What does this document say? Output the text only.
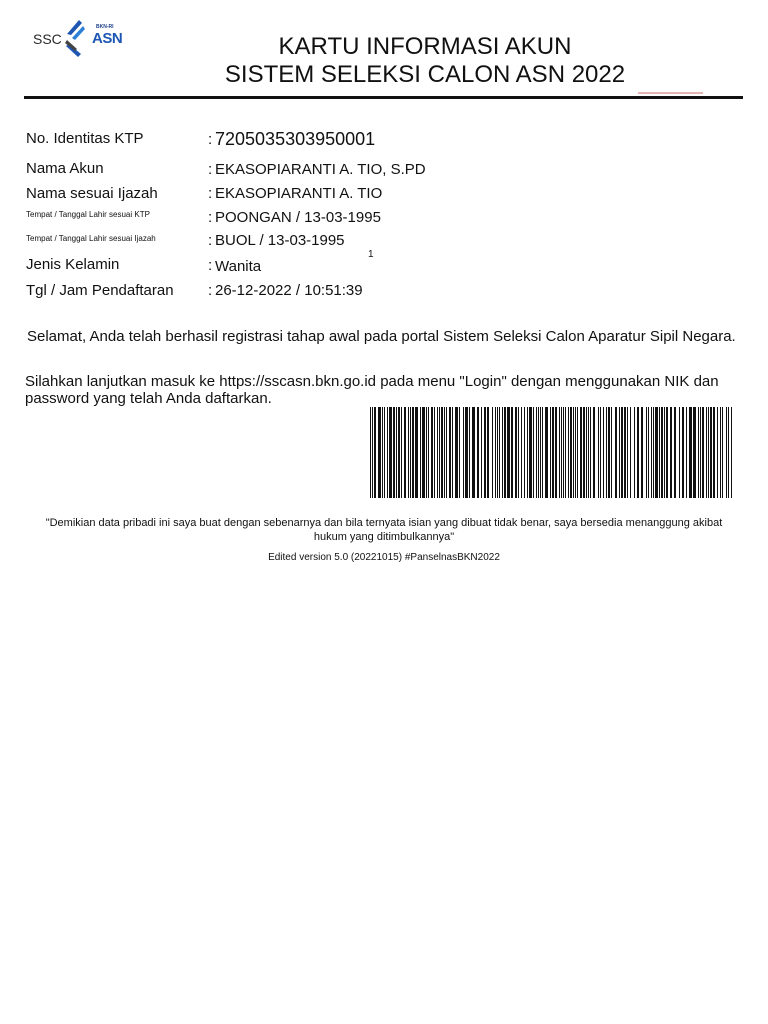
SSC
BKN-RI
ASN	KARTU INFORMASI AKUN
SISTEM SELEKSI CALON ASN 2022
No. Identitas KTP	: 7205035303950001
Nama Akun	: EKASOPIARANTI A. TIO, S.PD
Nama sesuai Ijazah	: EKASOPIARANTI A. TIO
Tempat / Tanggal Lahir sesuai KTP	: POONGAN / 13-03-1995
Tempat / Tanggal Lahir sesuai Ijazah	: BUOL / 13-03-1995
1
Jenis Kelamin	: Wanita
Tgl / Jam Pendaftaran : 26-12-2022 / 10:51:39

Selamat, Anda telah berhasil registrasi tahap awal pada portal Sistem Seleksi Calon Aparatur Sipil Negara.

Silahkan lanjutkan masuk ke https://sscasn.bkn.go.id pada menu "Login" dengan menggunakan NIK dan password yang telah Anda daftarkan.

"Demikian data pribadi ini saya buat dengan sebenarnya dan bila ternyata isian yang dibuat tidak benar, saya bersedia menanggung akibat hukum yang ditimbulkannya"

Edited version 5.0 (20221015) #PanselnasBKN2022
